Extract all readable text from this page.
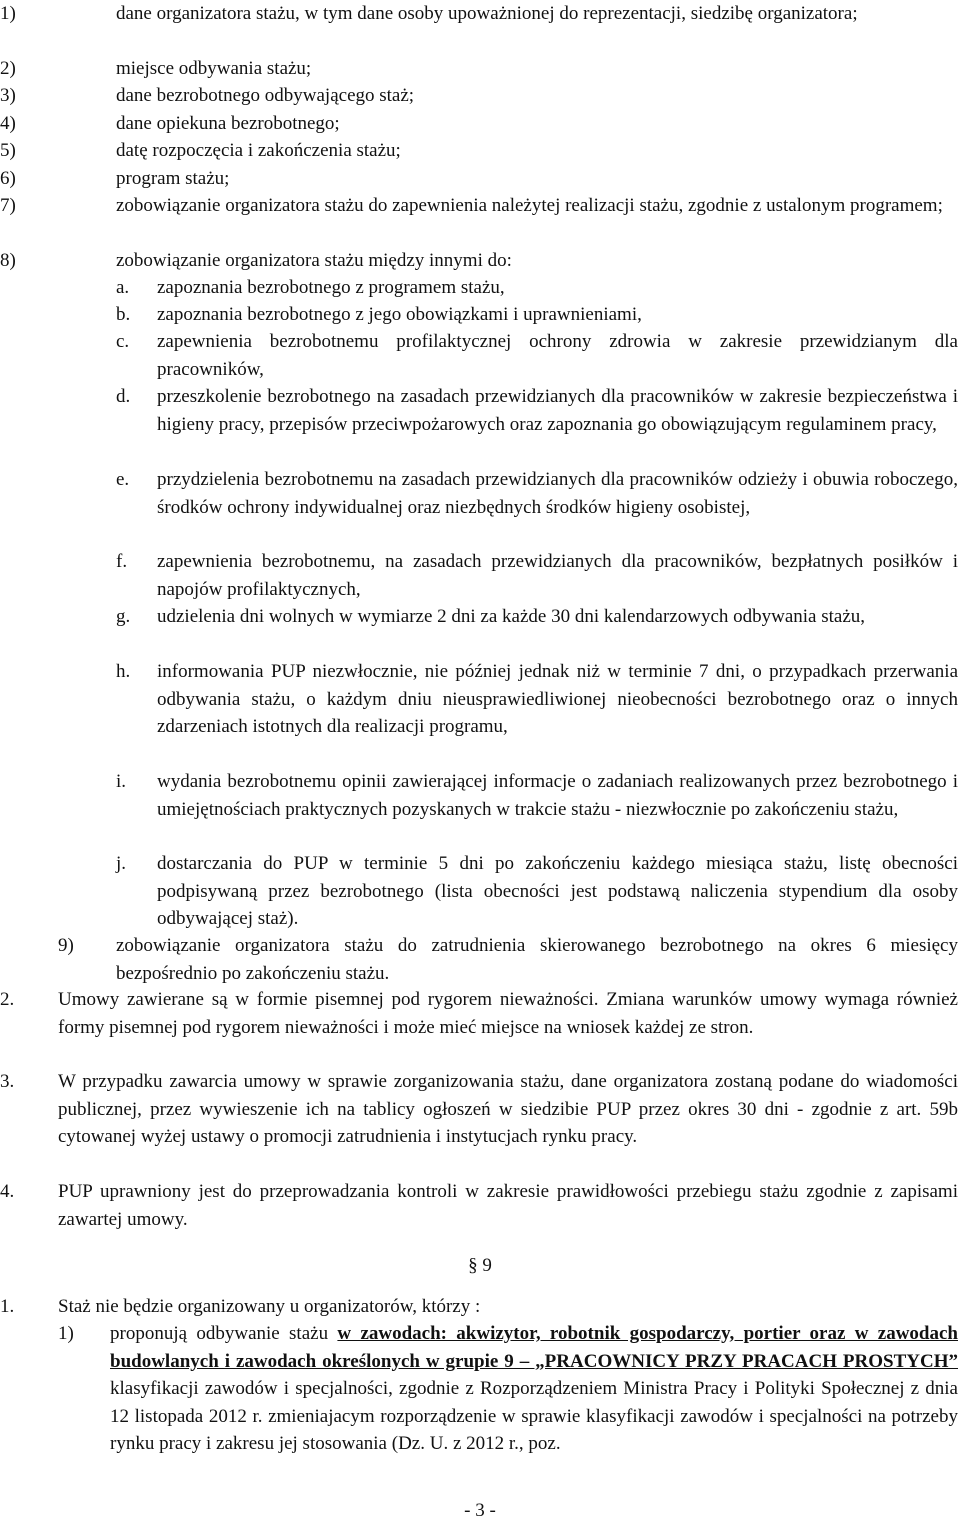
1)	dane organizatora stażu, w tym dane osoby upoważnionej do reprezentacji, siedzibę organizatora;
2)	miejsce odbywania stażu;
3)	dane bezrobotnego odbywającego staż;
4)	dane opiekuna bezrobotnego;
5)	datę rozpoczęcia i zakończenia stażu;
6)	program stażu;
7)	zobowiązanie organizatora stażu do zapewnienia należytej realizacji stażu, zgodnie z ustalonym programem;
8)	zobowiązanie organizatora stażu między innymi do:
a. zapoznania bezrobotnego z programem stażu,
b. zapoznania bezrobotnego z jego obowiązkami i uprawnieniami,
c. zapewnienia bezrobotnemu profilaktycznej ochrony zdrowia w zakresie przewidzianym dla pracowników,
d. przeszkolenie bezrobotnego na zasadach przewidzianych dla pracowników w zakresie bezpieczeństwa i higieny pracy, przepisów przeciwpożarowych oraz zapoznania go obowiązującym regulaminem pracy,
e. przydzielenia bezrobotnemu na zasadach przewidzianych dla pracowników odzieży i obuwia roboczego, środków ochrony indywidualnej oraz niezbędnych środków higieny osobistej,
f. zapewnienia bezrobotnemu, na zasadach przewidzianych dla pracowników, bezpłatnych posiłków i napojów profilaktycznych,
g. udzielenia dni wolnych w wymiarze 2 dni za każde 30 dni kalendarzowych odbywania stażu,
h. informowania PUP niezwłocznie, nie później jednak niż w terminie 7 dni, o przypadkach przerwania odbywania stażu, o każdym dniu nieusprawiedliwionej nieobecności bezrobotnego oraz o innych zdarzeniach istotnych dla realizacji programu,
i. wydania bezrobotnemu opinii zawierającej informacje o zadaniach realizowanych przez bezrobotnego i umiejętnościach praktycznych pozyskanych w trakcie stażu - niezwłocznie po zakończeniu stażu,
j. dostarczania do PUP w terminie 5 dni po zakończeniu każdego miesiąca stażu, listę obecności podpisywaną przez bezrobotnego (lista obecności jest podstawą naliczenia stypendium dla osoby odbywającej staż).
9) zobowiązanie organizatora stażu do zatrudnienia skierowanego bezrobotnego na okres 6 miesięcy bezpośrednio po zakończeniu stażu.
2. Umowy zawierane są w formie pisemnej pod rygorem nieważności. Zmiana warunków umowy wymaga również formy pisemnej pod rygorem nieważności i może mieć miejsce na wniosek każdej ze stron.
3. W przypadku zawarcia umowy w sprawie zorganizowania stażu, dane organizatora zostaną podane do wiadomości publicznej, przez wywieszenie ich na tablicy ogłoszeń w siedzibie PUP przez okres 30 dni - zgodnie z art. 59b cytowanej wyżej ustawy o promocji zatrudnienia i instytucjach rynku pracy.
4. PUP uprawniony jest do przeprowadzania kontroli w zakresie prawidłowości przebiegu stażu zgodnie z zapisami zawartej umowy.
§ 9
1. Staż nie będzie organizowany u organizatorów, którzy :
1) proponują odbywanie stażu w zawodach: akwizytor, robotnik gospodarczy, portier oraz w zawodach budowlanych i zawodach określonych w grupie 9 – „PRACOWNICY PRZY PRACACH PROSTYCH” klasyfikacji zawodów i specjalności, zgodnie z Rozporządzeniem Ministra Pracy i Polityki Społecznej z dnia 12 listopada 2012 r. zmieniajacym rozporządzenie w sprawie klasyfikacji zawodów i specjalności na potrzeby rynku pracy i zakresu jej stosowania (Dz. U. z 2012 r., poz.
- 3 -
